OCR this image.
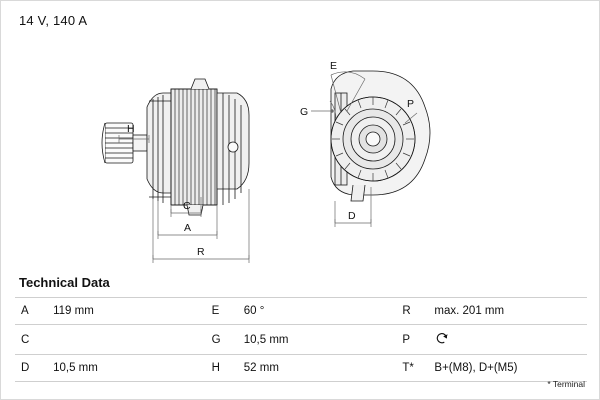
14 V, 140 A
H
C
A
R
E
G
P
D
Technical Data
A	119 mm	E	60 °	R	max. 201 mm
C		G	10,5 mm	P	
D	10,5 mm	H	52 mm	T*	B+(M8), D+(M5)
* Terminal
